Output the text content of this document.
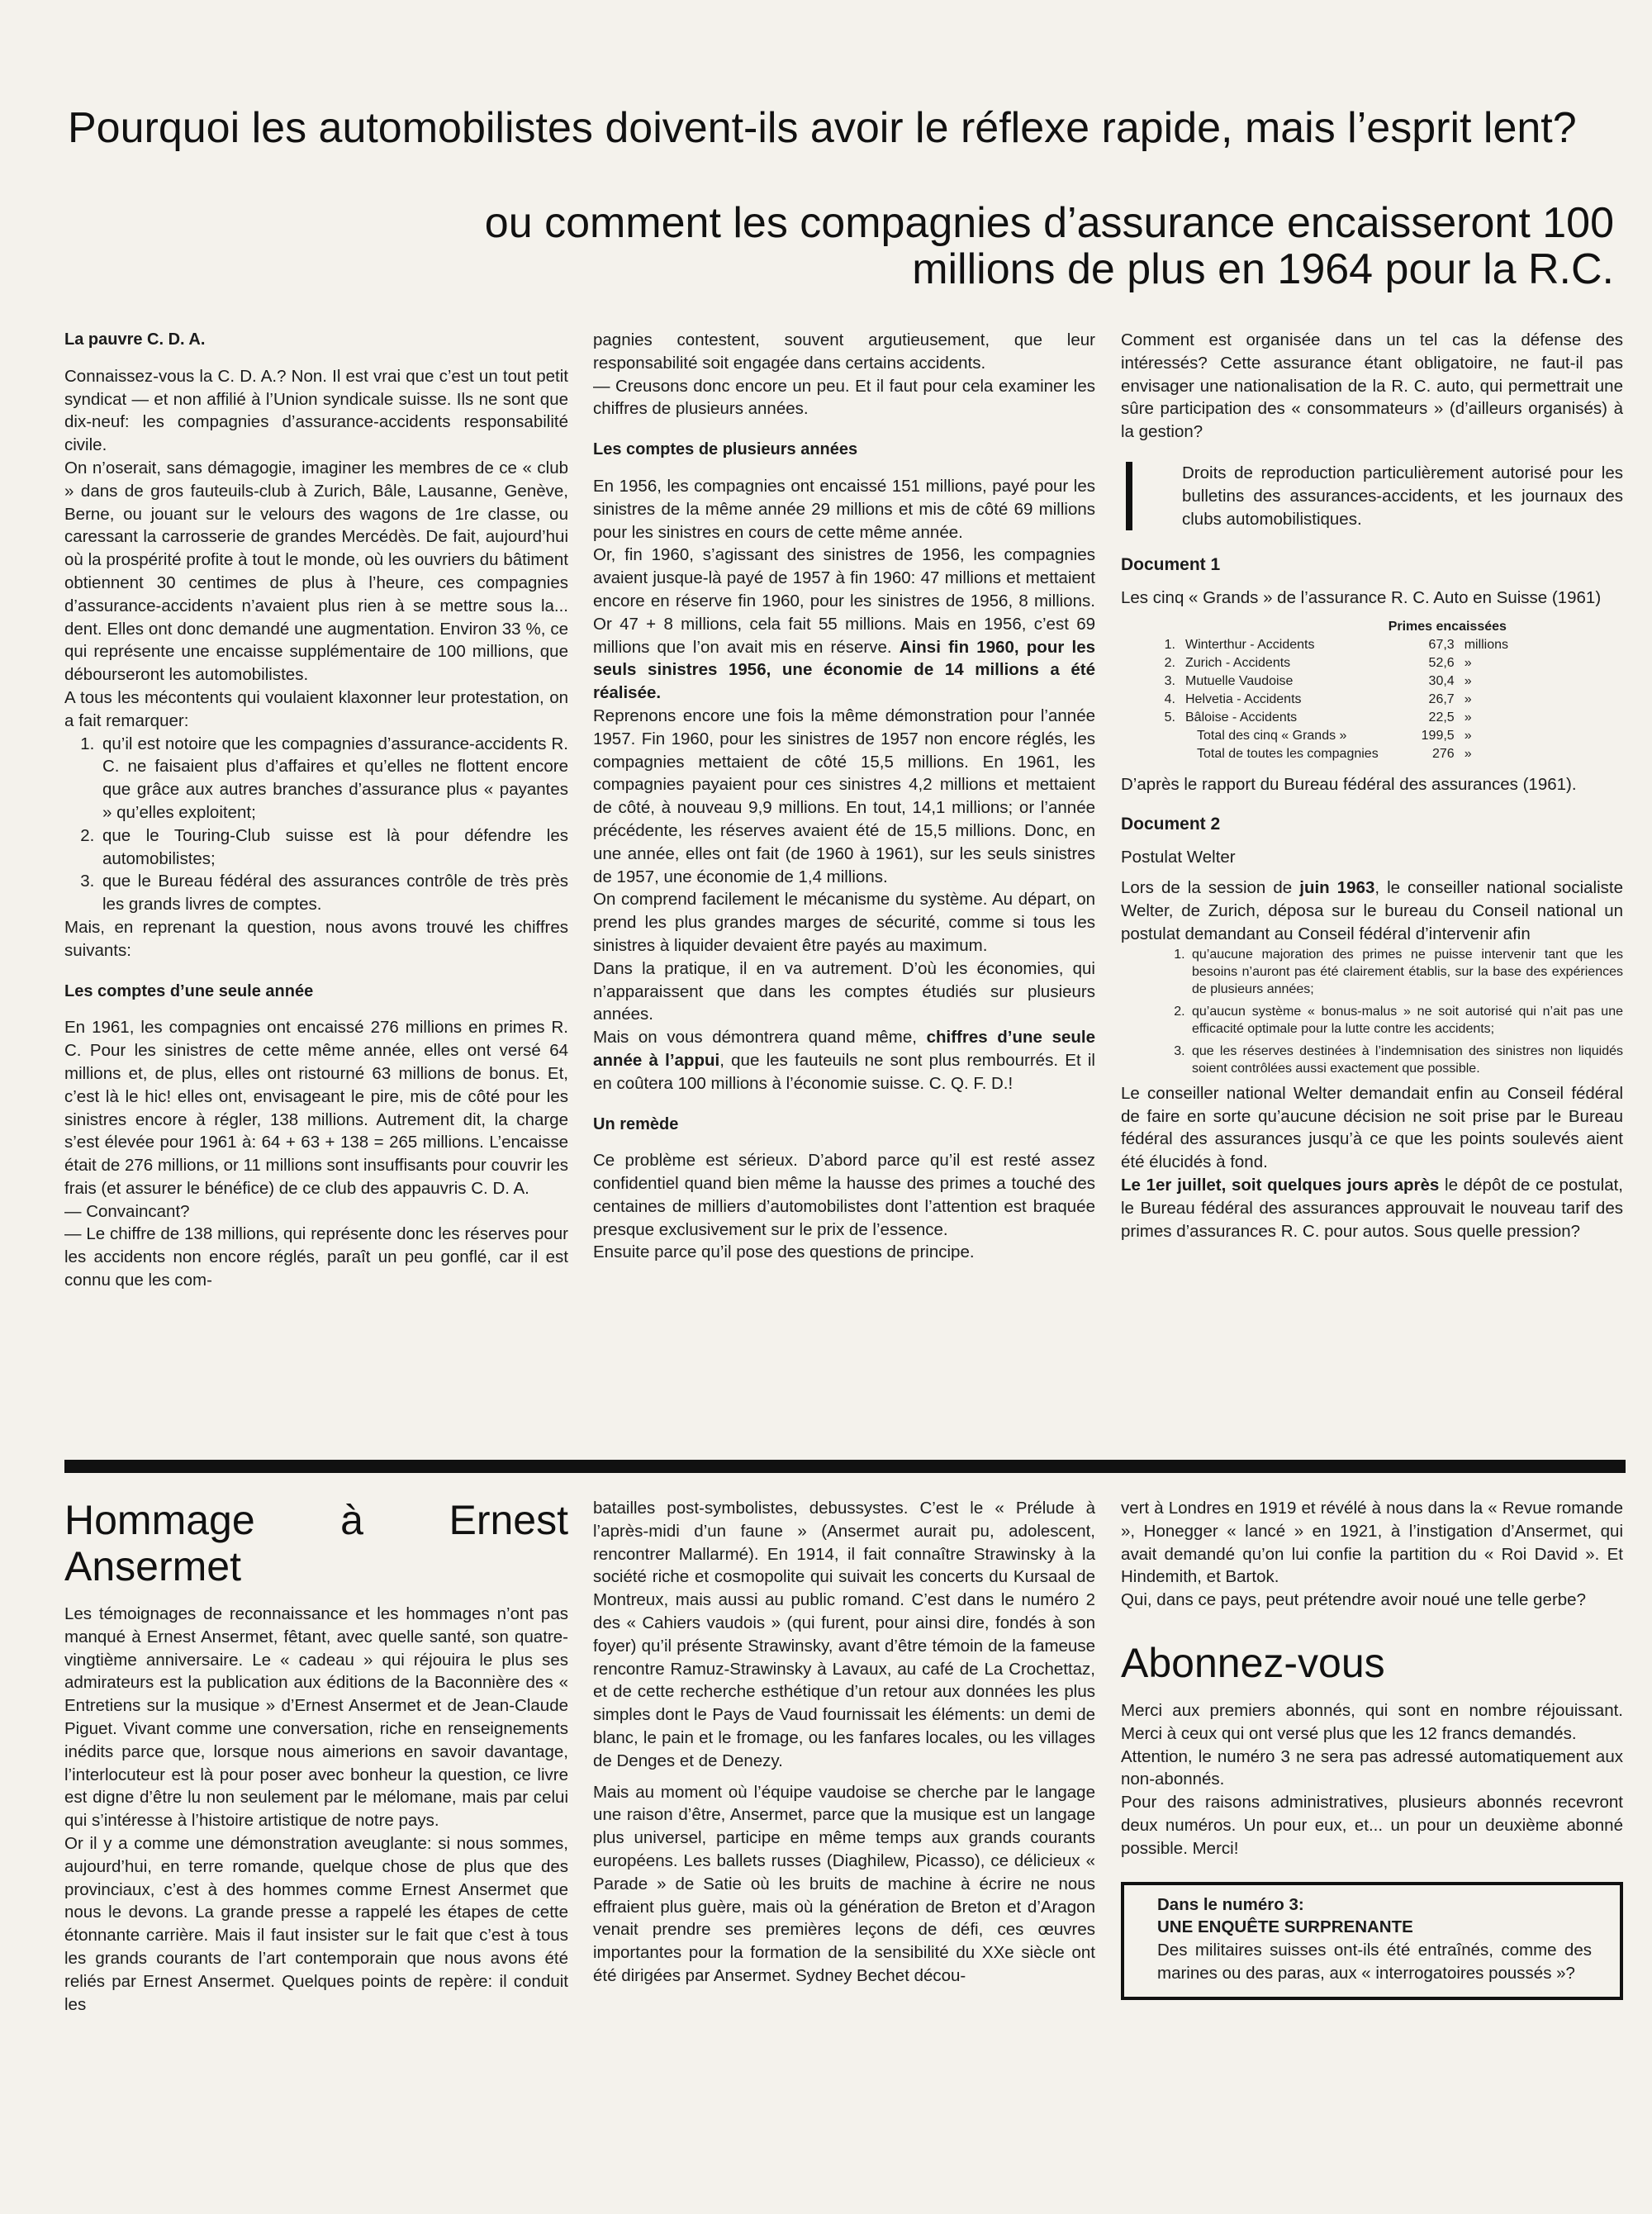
Pourquoi les automobilistes doivent-ils avoir le réflexe rapide, mais l’esprit lent?
ou comment les compagnies d’assurance encaisseront 100 millions de plus en 1964 pour la R.C.

La pauvre C. D. A.

Connaissez-vous la C. D. A.? Non. Il est vrai que c’est un tout petit syndicat — et non affilié à l’Union syndicale suisse. Ils ne sont que dix-neuf: les compagnies d’assurance-accidents responsabilité civile.

On n’oserait, sans démagogie, imaginer les membres de ce « club » dans de gros fauteuils-club à Zurich, Bâle, Lausanne, Genève, Berne, ou jouant sur le velours des wagons de 1re classe, ou caressant la carrosserie de grandes Mercédès. De fait, aujourd’hui où la prospérité profite à tout le monde, où les ouvriers du bâtiment obtiennent 30 centimes de plus à l’heure, ces compagnies d’assurance-accidents n’avaient plus rien à se mettre sous la... dent. Elles ont donc demandé une augmentation. Environ 33 %, ce qui représente une encaisse supplémentaire de 100 millions, que débourseront les automobilistes.

A tous les mécontents qui voulaient klaxonner leur protestation, on a fait remarquer:

1. qu’il est notoire que les compagnies d’assurance-accidents R. C. ne faisaient plus d’affaires et qu’elles ne flottent encore que grâce aux autres branches d’assurance plus « payantes » qu’elles exploitent;
2. que le Touring-Club suisse est là pour défendre les automobilistes;
3. que le Bureau fédéral des assurances contrôle de très près les grands livres de comptes.

Mais, en reprenant la question, nous avons trouvé les chiffres suivants:

Les comptes d’une seule année

En 1961, les compagnies ont encaissé 276 millions en primes R. C. Pour les sinistres de cette même année, elles ont versé 64 millions et, de plus, elles ont ristourné 63 millions de bonus. Et, c’est là le hic! elles ont, envisageant le pire, mis de côté pour les sinistres encore à régler, 138 millions. Autrement dit, la charge s’est élevée pour 1961 à: 64 + 63 + 138 = 265 millions. L’encaisse était de 276 millions, or 11 millions sont insuffisants pour couvrir les frais (et assurer le bénéfice) de ce club des appauvris C. D. A.

— Convaincant?

— Le chiffre de 138 millions, qui représente donc les réserves pour les accidents non encore réglés, paraît un peu gonflé, car il est connu que les com-

pagnies contestent, souvent argutieusement, que leur responsabilité soit engagée dans certains accidents.

— Creusons donc encore un peu. Et il faut pour cela examiner les chiffres de plusieurs années.

Les comptes de plusieurs années

En 1956, les compagnies ont encaissé 151 millions, payé pour les sinistres de la même année 29 millions et mis de côté 69 millions pour les sinistres en cours de cette même année.

Or, fin 1960, s’agissant des sinistres de 1956, les compagnies avaient jusque-là payé de 1957 à fin 1960: 47 millions et mettaient encore en réserve fin 1960, pour les sinistres de 1956, 8 millions. Or 47 + 8 millions, cela fait 55 millions. Mais en 1956, c’est 69 millions que l’on avait mis en réserve. Ainsi fin 1960, pour les seuls sinistres 1956, une économie de 14 millions a été réalisée.

Reprenons encore une fois la même démonstration pour l’année 1957. Fin 1960, pour les sinistres de 1957 non encore réglés, les compagnies mettaient de côté 15,5 millions. En 1961, les compagnies payaient pour ces sinistres 4,2 millions et mettaient de côté, à nouveau 9,9 millions. En tout, 14,1 millions; or l’année précédente, les réserves avaient été de 15,5 millions. Donc, en une année, elles ont fait (de 1960 à 1961), sur les seuls sinistres de 1957, une économie de 1,4 millions.

On comprend facilement le mécanisme du système. Au départ, on prend les plus grandes marges de sécurité, comme si tous les sinistres à liquider devaient être payés au maximum.

Dans la pratique, il en va autrement. D’où les économies, qui n’apparaissent que dans les comptes étudiés sur plusieurs années.

Mais on vous démontrera quand même, chiffres d’une seule année à l’appui, que les fauteuils ne sont plus rembourrés. Et il en coûtera 100 millions à l’économie suisse. C. Q. F. D.!

Un remède

Ce problème est sérieux. D’abord parce qu’il est resté assez confidentiel quand bien même la hausse des primes a touché des centaines de milliers d’automobilistes dont l’attention est braquée presque exclusivement sur le prix de l’essence.

Ensuite parce qu’il pose des questions de principe.

Comment est organisée dans un tel cas la défense des intéressés? Cette assurance étant obligatoire, ne faut-il pas envisager une nationalisation de la R. C. auto, qui permettrait une sûre participation des « consommateurs » (d’ailleurs organisés) à la gestion?

Droits de reproduction particulièrement autorisé pour les bulletins des assurances-accidents, et les journaux des clubs automobilistiques.

Document 1

Les cinq « Grands » de l’assurance R. C. Auto en Suisse (1961)

		Primes encaissées	
1.	Winterthur - Accidents	67,3	millions
2.	Zurich - Accidents	52,6	»
3.	Mutuelle Vaudoise	30,4	»
4.	Helvetia - Accidents	26,7	»
5.	Bâloise - Accidents	22,5	»
	Total des cinq « Grands »	199,5	»
	Total de toutes les compagnies	276	»

D’après le rapport du Bureau fédéral des assurances (1961).

Document 2

Postulat Welter

Lors de la session de juin 1963, le conseiller national socialiste Welter, de Zurich, déposa sur le bureau du Conseil national un postulat demandant au Conseil fédéral d’intervenir afin

1. qu’aucune majoration des primes ne puisse intervenir tant que les besoins n’auront pas été clairement établis, sur la base des expériences de plusieurs années;
2. qu’aucun système « bonus-malus » ne soit autorisé qui n’ait pas une efficacité optimale pour la lutte contre les accidents;
3. que les réserves destinées à l’indemnisation des sinistres non liquidés soient contrôlées aussi exactement que possible.

Le conseiller national Welter demandait enfin au Conseil fédéral de faire en sorte qu’aucune décision ne soit prise par le Bureau fédéral des assurances jusqu’à ce que les points soulevés aient été élucidés à fond.

Le 1er juillet, soit quelques jours après le dépôt de ce postulat, le Bureau fédéral des assurances approuvait le nouveau tarif des primes d’assurances R. C. pour autos. Sous quelle pression?

Hommage à Ernest Ansermet

Les témoignages de reconnaissance et les hommages n’ont pas manqué à Ernest Ansermet, fêtant, avec quelle santé, son quatre-vingtième anniversaire. Le « cadeau » qui réjouira le plus ses admirateurs est la publication aux éditions de la Baconnière des « Entretiens sur la musique » d’Ernest Ansermet et de Jean-Claude Piguet. Vivant comme une conversation, riche en renseignements inédits parce que, lorsque nous aimerions en savoir davantage, l’interlocuteur est là pour poser avec bonheur la question, ce livre est digne d’être lu non seulement par le mélomane, mais par celui qui s’intéresse à l’histoire artistique de notre pays.

Or il y a comme une démonstration aveuglante: si nous sommes, aujourd’hui, en terre romande, quelque chose de plus que des provinciaux, c’est à des hommes comme Ernest Ansermet que nous le devons. La grande presse a rappelé les étapes de cette étonnante carrière. Mais il faut insister sur le fait que c’est à tous les grands courants de l’art contemporain que nous avons été reliés par Ernest Ansermet. Quelques points de repère: il conduit les

batailles post-symbolistes, debussystes. C’est le « Prélude à l’après-midi d’un faune » (Ansermet aurait pu, adolescent, rencontrer Mallarmé). En 1914, il fait connaître Strawinsky à la société riche et cosmopolite qui suivait les concerts du Kursaal de Montreux, mais aussi au public romand. C’est dans le numéro 2 des « Cahiers vaudois » (qui furent, pour ainsi dire, fondés à son foyer) qu’il présente Strawinsky, avant d’être témoin de la fameuse rencontre Ramuz-Strawinsky à Lavaux, au café de La Crochettaz, et de cette recherche esthétique d’un retour aux données les plus simples dont le Pays de Vaud fournissait les éléments: un demi de blanc, le pain et le fromage, ou les fanfares locales, ou les villages de Denges et de Denezy.

Mais au moment où l’équipe vaudoise se cherche par le langage une raison d’être, Ansermet, parce que la musique est un langage plus universel, participe en même temps aux grands courants européens. Les ballets russes (Diaghilew, Picasso), ce délicieux « Parade » de Satie où les bruits de machine à écrire ne nous effraient plus guère, mais où la génération de Breton et d’Aragon venait prendre ses premières leçons de défi, ces œuvres importantes pour la formation de la sensibilité du XXe siècle ont été dirigées par Ansermet. Sydney Bechet décou-

vert à Londres en 1919 et révélé à nous dans la « Revue romande », Honegger « lancé » en 1921, à l’instigation d’Ansermet, qui avait demandé qu’on lui confie la partition du « Roi David ». Et Hindemith, et Bartok.

Qui, dans ce pays, peut prétendre avoir noué une telle gerbe?

Abonnez-vous

Merci aux premiers abonnés, qui sont en nombre réjouissant. Merci à ceux qui ont versé plus que les 12 francs demandés.

Attention, le numéro 3 ne sera pas adressé automatiquement aux non-abonnés.

Pour des raisons administratives, plusieurs abonnés recevront deux numéros. Un pour eux, et... un pour un deuxième abonné possible. Merci!

Dans le numéro 3:

UNE ENQUÊTE SURPRENANTE

Des militaires suisses ont-ils été entraînés, comme des marines ou des paras, aux « interrogatoires poussés »?
